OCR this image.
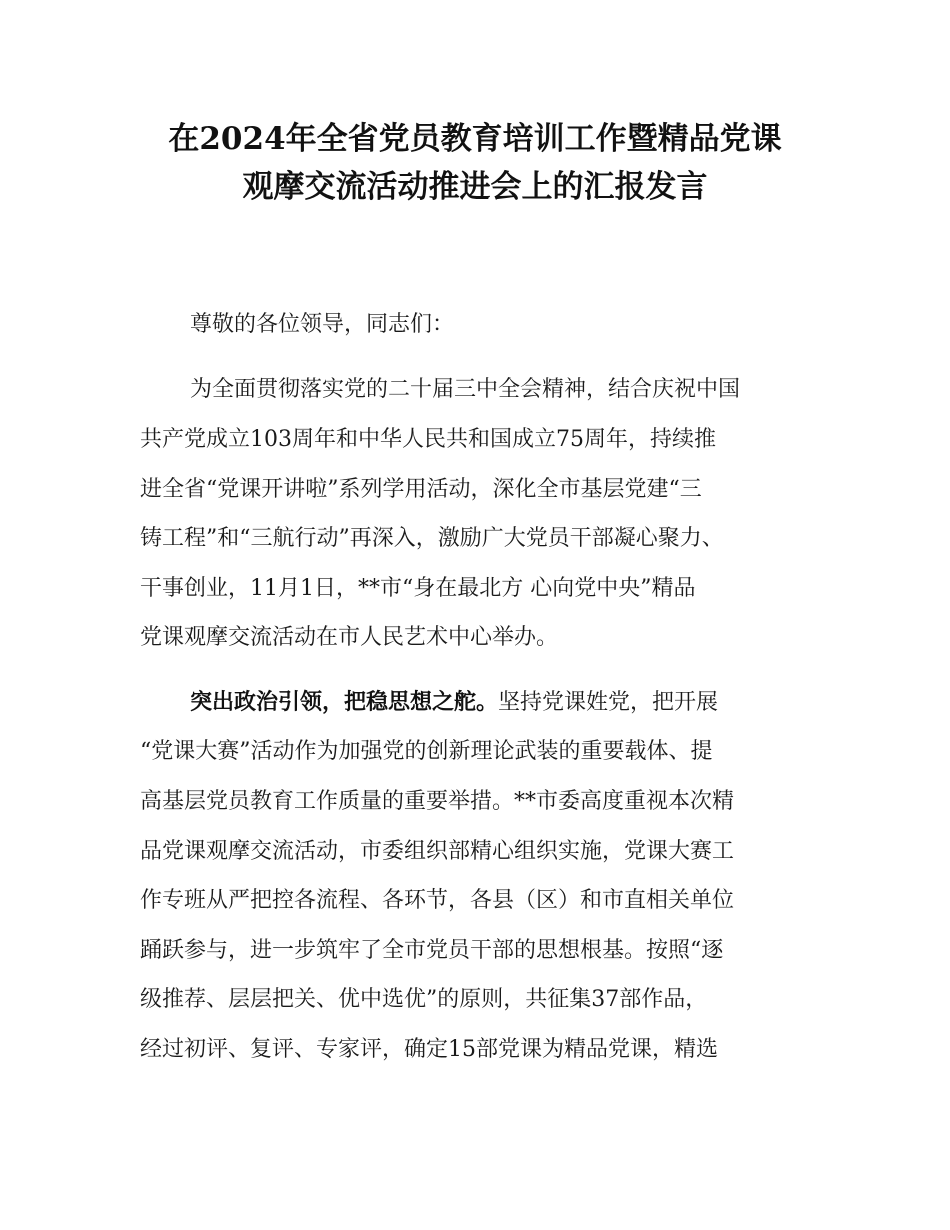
在2024年全省党员教育培训工作暨精品党课
观摩交流活动推进会上的汇报发言
尊敬的各位领导，同志们：
为全面贯彻落实党的二十届三中全会精神，结合庆祝中国
共产党成立103周年和中华人民共和国成立75周年，持续推
进全省“党课开讲啦”系列学用活动，深化全市基层党建“三
铸工程”和“三航行动”再深入，激励广大党员干部凝心聚力、
干事创业，11月1日，**市“身在最北方 心向党中央”精品
党课观摩交流活动在市人民艺术中心举办。
突出政治引领，把稳思想之舵。坚持党课姓党，把开展
“党课大赛”活动作为加强党的创新理论武装的重要载体、提
高基层党员教育工作质量的重要举措。**市委高度重视本次精
品党课观摩交流活动，市委组织部精心组织实施，党课大赛工
作专班从严把控各流程、各环节，各县（区）和市直相关单位
踊跃参与，进一步筑牢了全市党员干部的思想根基。按照“逐
级推荐、层层把关、优中选优”的原则，共征集37部作品，
经过初评、复评、专家评，确定15部党课为精品党课，精选
